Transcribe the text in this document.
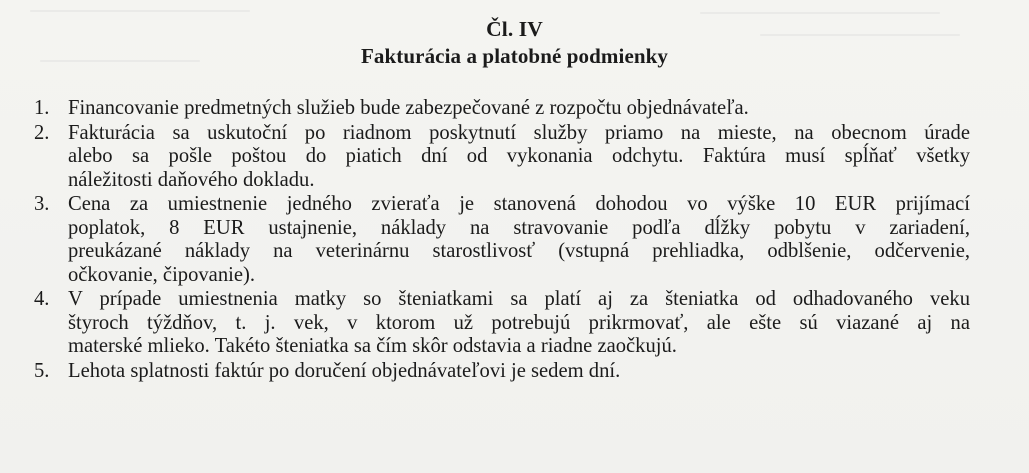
Čl. IV
Fakturácia a platobné podmienky
1. Financovanie predmetných služieb bude zabezpečované z rozpočtu objednávateľa.
2. Fakturácia sa uskutoční po riadnom poskytnutí služby priamo na mieste, na obecnom úrade
alebo sa pošle poštou do piatich dní od vykonania odchytu. Faktúra musí spĺňať všetky
náležitosti daňového dokladu.
3. Cena za umiestnenie jedného zvieraťa je stanovená dohodou vo výške 10 EUR prijímací
poplatok, 8 EUR ustajnenie, náklady na stravovanie podľa dĺžky pobytu v zariadení,
preukázané náklady na veterinárnu starostlivosť (vstupná prehliadka, odblšenie, odčervenie,
očkovanie, čipovanie).
4. V prípade umiestnenia matky so šteniatkami sa platí aj za šteniatka od odhadovaného veku
štyroch týždňov, t. j. vek, v ktorom už potrebujú prikrmovať, ale ešte sú viazané aj na
materské mlieko. Takéto šteniatka sa čím skôr odstavia a riadne zaočkujú.
5. Lehota splatnosti faktúr po doručení objednávateľovi je sedem dní.
